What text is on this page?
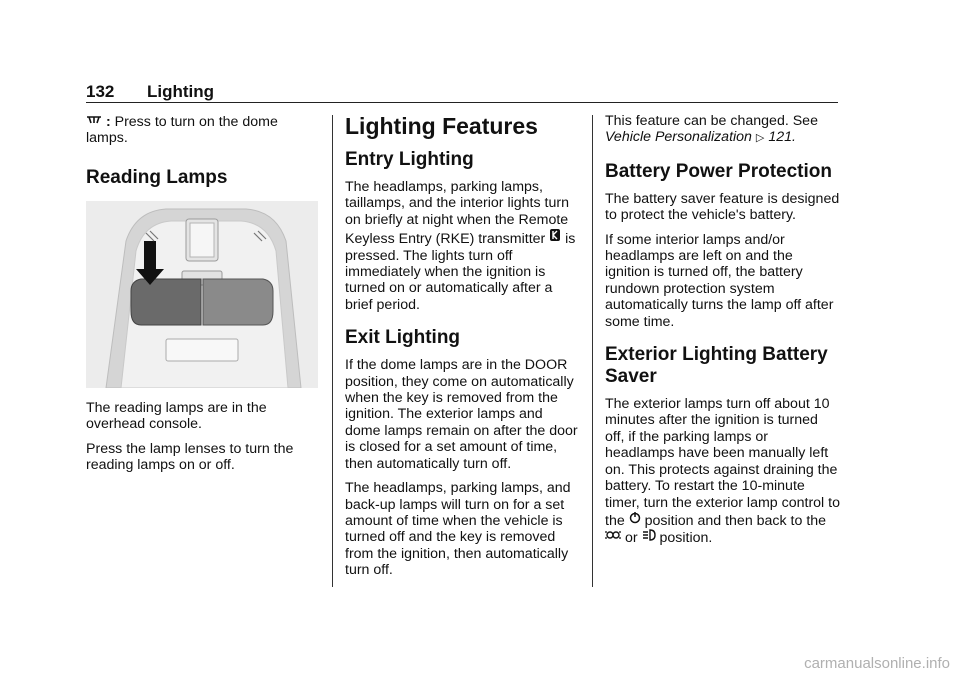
132 Lighting

: Press to turn on the dome lamps.

Reading Lamps

The reading lamps are in the overhead console.

Press the lamp lenses to turn the reading lamps on or off.

Lighting Features
Entry Lighting

The headlamps, parking lamps, taillamps, and the interior lights turn on briefly at night when the Remote Keyless Entry (RKE) transmitter is pressed. The lights turn off immediately when the ignition is turned on or automatically after a brief period.

Exit Lighting

If the dome lamps are in the DOOR position, they come on automatically when the key is removed from the ignition. The exterior lamps and dome lamps remain on after the door is closed for a set amount of time, then automatically turn off.

The headlamps, parking lamps, and back-up lamps will turn on for a set amount of time when the vehicle is turned off and the key is removed from the ignition, then automatically turn off.

This feature can be changed. See Vehicle Personalization ▷ 121.

Battery Power Protection

The battery saver feature is designed to protect the vehicle's battery.

If some interior lamps and/or headlamps are left on and the ignition is turned off, the battery rundown protection system automatically turns the lamp off after some time.

Exterior Lighting Battery Saver

The exterior lamps turn off about 10 minutes after the ignition is turned off, if the parking lamps or headlamps have been manually left on. This protects against draining the battery. To restart the 10-minute timer, turn the exterior lamp control to the position and then back to the  or position.

carmanualsonline.info
